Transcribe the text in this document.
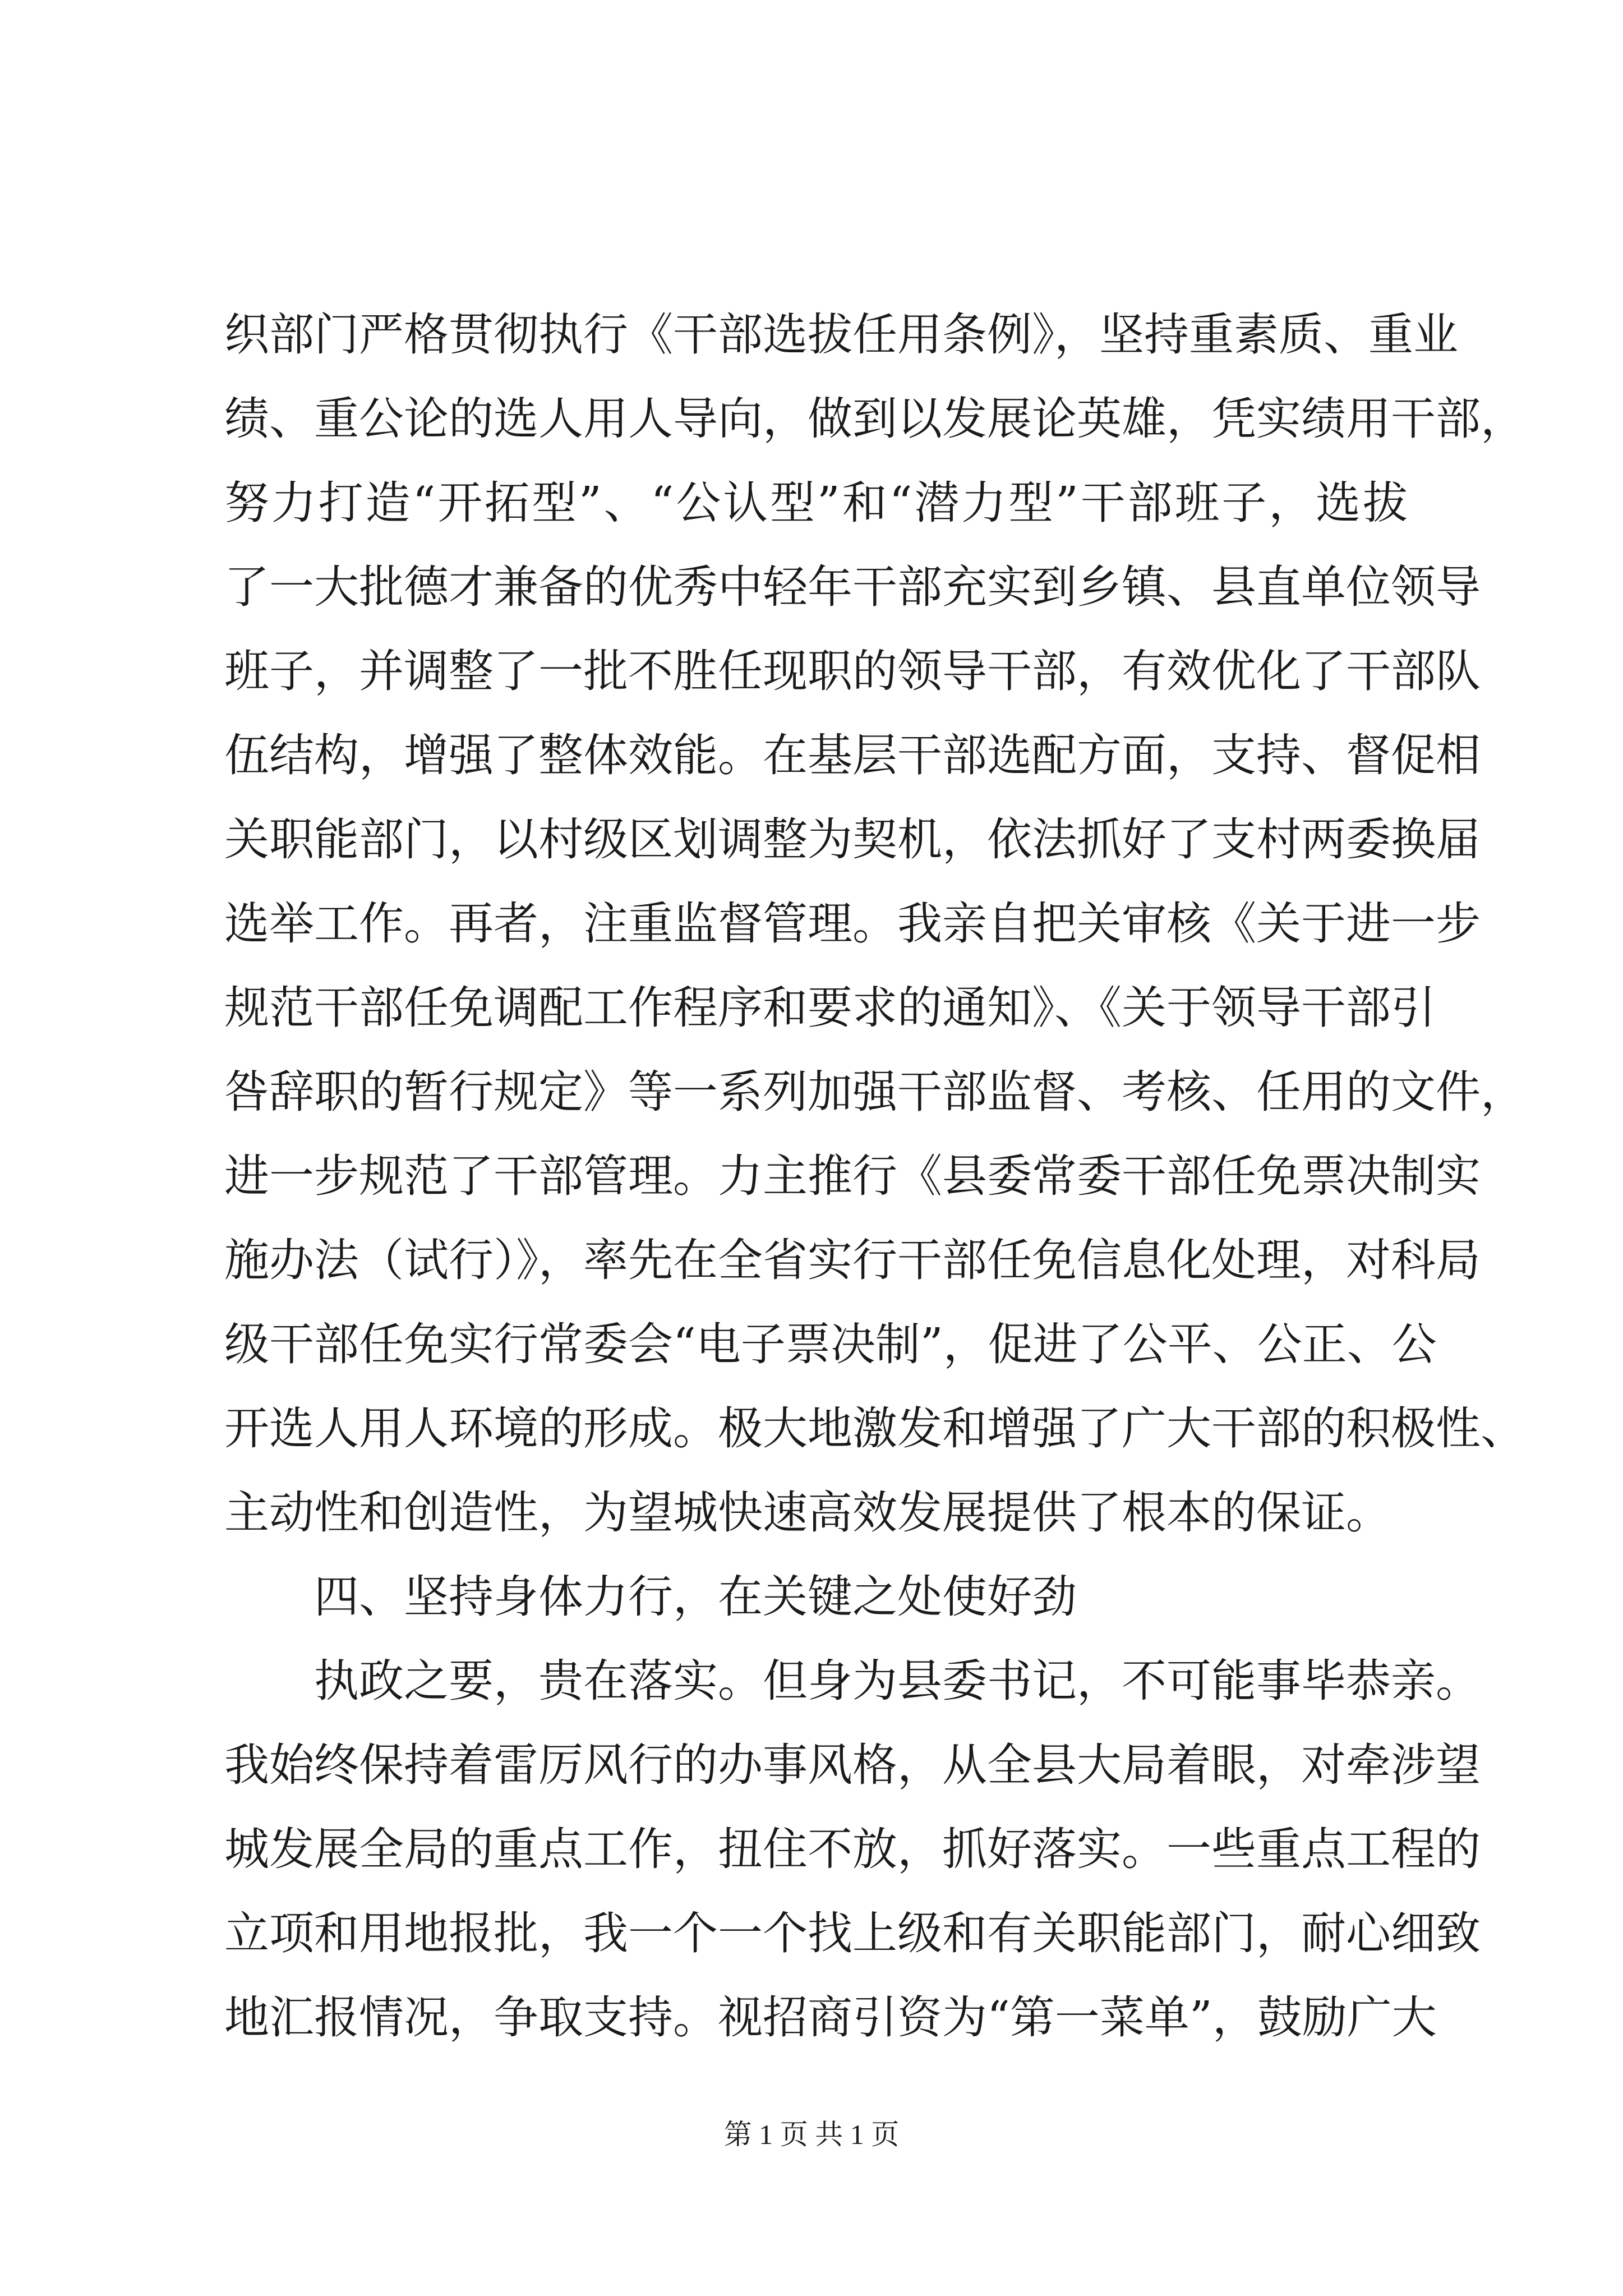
织部门严格贯彻执行《干部选拔任用条例》，坚持重素质、重业
绩、重公论的选人用人导向，做到以发展论英雄，凭实绩用干部，
努力打造“开拓型”、“公认型”和“潜力型”干部班子，选拔
了一大批德才兼备的优秀中轻年干部充实到乡镇、县直单位领导
班子，并调整了一批不胜任现职的领导干部，有效优化了干部队
伍结构，增强了整体效能。在基层干部选配方面，支持、督促相
关职能部门，以村级区划调整为契机，依法抓好了支村两委换届
选举工作。再者，注重监督管理。我亲自把关审核《关于进一步
规范干部任免调配工作程序和要求的通知》、《关于领导干部引
咎辞职的暂行规定》等一系列加强干部监督、考核、任用的文件，
进一步规范了干部管理。力主推行《县委常委干部任免票决制实
施办法（试行）》，率先在全省实行干部任免信息化处理，对科局
级干部任免实行常委会“电子票决制”，促进了公平、公正、公
开选人用人环境的形成。极大地激发和增强了广大干部的积极性、
主动性和创造性，为望城快速高效发展提供了根本的保证。
四、坚持身体力行，在关键之处使好劲
执政之要，贵在落实。但身为县委书记，不可能事毕恭亲。
我始终保持着雷厉风行的办事风格，从全县大局着眼，对牵涉望
城发展全局的重点工作，扭住不放，抓好落实。一些重点工程的
立项和用地报批，我一个一个找上级和有关职能部门，耐心细致
地汇报情况，争取支持。视招商引资为“第一菜单”，鼓励广大
第 1 页 共 1 页
